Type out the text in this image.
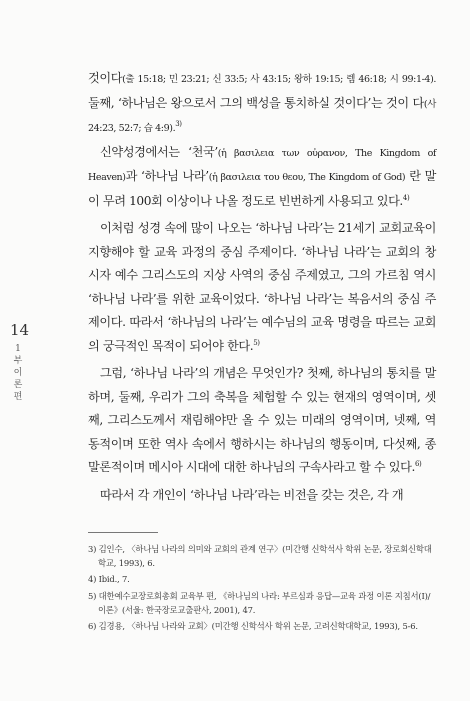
14
1부 이론편

것이다(출 15:18; 민 23:21; 신 33:5; 사 43:15; 왕하 19:15; 렘 46:18; 시 99:1-4). 둘째, ‘하나님은 왕으로서 그의 백성을 통치하실 것이다’는 것이 다(사 24:23, 52:7; 습 4:9).$^{3)}$

신약성경에서는 ‘천국’(ἡ βασιλεια των οὐρανον, The Kingdom of Heaven)과 ‘하나님 나라’(ἡ βασιλεια του θεου, The Kingdom of God) 란 말이 무려 100회 이상이나 나올 정도로 빈번하게 사용되고 있다.$^{4)}$

이처럼 성경 속에 많이 나오는 ‘하나님 나라’는 21세기 교회교육이 지향해야 할 교육 과정의 중심 주제이다. ‘하나님 나라’는 교회의 창시자 예수 그리스도의 지상 사역의 중심 주제였고, 그의 가르침 역시 ‘하나님 나라’를 위한 교육이었다. ‘하나님 나라’는 복음서의 중심 주제이다. 따라서 ‘하나님의 나라’는 예수님의 교육 명령을 따르는 교회의 궁극적인 목적이 되어야 한다.$^{5)}$

그럼, ‘하나님 나라’의 개념은 무엇인가? 첫째, 하나님의 통치를 말하며, 둘째, 우리가 그의 축복을 체험할 수 있는 현재의 영역이며, 셋째, 그리스도께서 재림해야만 올 수 있는 미래의 영역이며, 넷째, 역동적이며 또한 역사 속에서 행하시는 하나님의 행동이며, 다섯째, 종말론적이며 메시아 시대에 대한 하나님의 구속사라고 할 수 있다.$^{6)}$

따라서 각 개인이 ‘하나님 나라’라는 비전을 갖는 것은, 각 개

3) 김인수, 〈하나님 나라의 의미와 교회의 관계 연구〉(미간행 신학석사 학위 논문, 장로회신학대학교, 1993), 6.

4) Ibid., 7.

5) 대한예수교장로회총회 교육부 편, 《하나님의 나라: 부르심과 응답—교육 과정 이론 지침서(Ⅰ)/이론》(서울: 한국장로교출판사, 2001), 47.

6) 김경용, 〈하나님 나라와 교회〉(미간행 신학석사 학위 논문, 고려신학대학교, 1993), 5-6.
